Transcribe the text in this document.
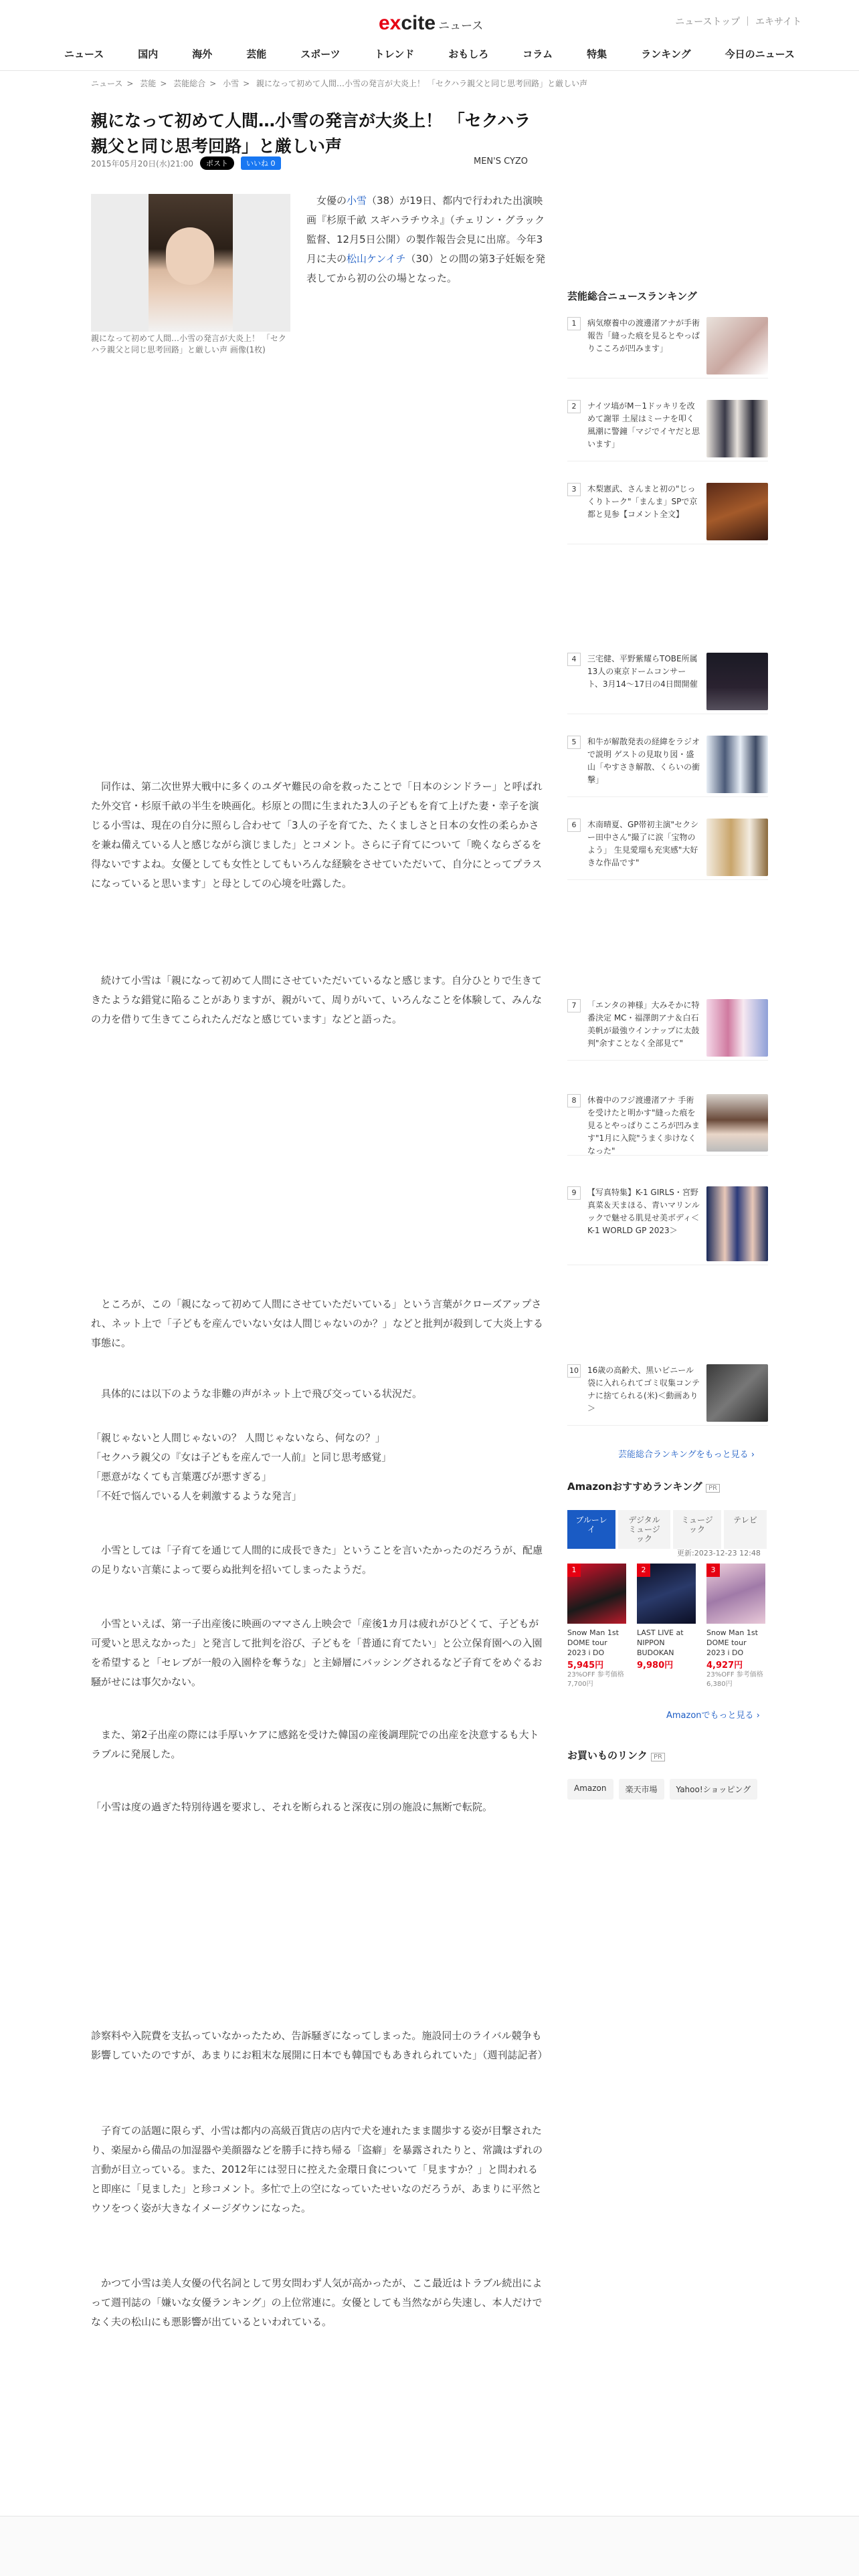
excite ニュース	ニューストップ ｜ エキサイト
ニュース	国内	海外	芸能	スポーツ	トレンド	おもしろ	コラム	特集	ランキング	今日のニュース
ニュース > 芸能 > 芸能総合 > 小雪 > 親になって初めて人間…小雪の発言が大炎上！ 「セクハラ親父と同じ思考回路」と厳しい声
親になって初めて人間…小雪の発言が大炎上！ 「セクハラ親父と同じ思考回路」と厳しい声
2015年05月20日(水)21:00	ポスト	いいね 0	MEN'S CYZO
親になって初めて人間…小雪の発言が大炎上！ 「セクハラ親父と同じ思考回路」と厳しい声 画像(1枚)

　女優の小雪（38）が19日、都内で行われた出演映画『杉原千畝 スギハラチウネ』（チェリン・グラック監督、12月5日公開）の製作報告会見に出席。今年3月に夫の松山ケンイチ（30）との間の第3子妊娠を発表してから初の公の場となった。

　同作は、第二次世界大戦中に多くのユダヤ難民の命を救ったことで「日本のシンドラー」と呼ばれた外交官・杉原千畝の半生を映画化。杉原との間に生まれた3人の子どもを育て上げた妻・幸子を演じる小雪は、現在の自分に照らし合わせて「3人の子を育てた、たくましさと日本の女性の柔らかさを兼ね備えている人と感じながら演じました」とコメント。さらに子育てについて「晩くならざるを得ないですよね。女優としても女性としてもいろんな経験をさせていただいて、自分にとってプラスになっていると思います」と母としての心境を吐露した。

　続けて小雪は「親になって初めて人間にさせていただいているなと感じます。自分ひとりで生きてきたような錯覚に陥ることがありますが、親がいて、周りがいて、いろんなことを体験して、みんなの力を借りて生きてこられたんだなと感じています」などと語った。

　ところが、この「親になって初めて人間にさせていただいている」という言葉がクローズアップされ、ネット上で「子どもを産んでいない女は人間じゃないのか？」などと批判が殺到して大炎上する事態に。

　具体的には以下のような非難の声がネット上で飛び交っている状況だ。

「親じゃないと人間じゃないの？ 人間じゃないなら、何なの？」
「セクハラ親父の『女は子どもを産んで一人前』と同じ思考感覚」
「悪意がなくても言葉選びが悪すぎる」
「不妊で悩んでいる人を刺激するような発言」

　小雪としては「子育てを通じて人間的に成長できた」ということを言いたかったのだろうが、配慮の足りない言葉によって要らぬ批判を招いてしまったようだ。

　小雪といえば、第一子出産後に映画のママさん上映会で「産後1カ月は疲れがひどくて、子どもが可愛いと思えなかった」と発言して批判を浴び、子どもを「普通に育てたい」と公立保育園への入園を希望すると「セレブが一般の入園枠を奪うな」と主婦層にバッシングされるなど子育てをめぐるお騒がせには事欠かない。

　また、第2子出産の際には手厚いケアに感銘を受けた韓国の産後調理院での出産を決意するも大トラブルに発展した。

「小雪は度の過ぎた特別待遇を要求し、それを断られると深夜に別の施設に無断で転院。

診察料や入院費を支払っていなかったため、告訴騒ぎになってしまった。施設同士のライバル競争も影響していたのですが、あまりにお粗末な展開に日本でも韓国でもあきれられていた」（週刊誌記者）

　子育ての話題に限らず、小雪は都内の高級百貨店の店内で犬を連れたまま闊歩する姿が目撃されたり、楽屋から備品の加湿器や美顔器などを勝手に持ち帰る「盗癖」を暴露されたりと、常識はずれの言動が目立っている。また、2012年には翌日に控えた金環日食について「見ますか？」と問われると即座に「見ました」と珍コメント。多忙で上の空になっていたせいなのだろうが、あまりに平然とウソをつく姿が大きなイメージダウンになった。

　かつて小雪は美人女優の代名詞として男女問わず人気が高かったが、ここ最近はトラブル続出によって週刊誌の「嫌いな女優ランキング」の上位常連に。女優としても当然ながら失速し、本人だけでなく夫の松山にも悪影響が出ているといわれている。

芸能総合ニュースランキング
1	病気療養中の渡邊渚アナが手術報告「縫った痕を見るとやっぱりこころが凹みます」
2	ナイツ塙がM－1ドッキリを改めて謝罪 土屋はミーナを叩く風潮に警鐘「マジでイヤだと思います」
3	木梨憲武、さんまと初の"じっくりトーク"「まんま」SPで京都と見参【コメント全文】
4	三宅健、平野紫耀らTOBE所属13人の東京ドームコンサート、3月14～17日の4日間開催
5	和牛が解散発表の経緯をラジオで説明 ゲストの見取り図・盛山「やすさき解散、くらいの衝撃」
6	木南晴夏、GP帯初主演"セクシー田中さん"撮了に涙「宝物のよう」 生見愛瑠も充実感"大好きな作品です"
7	「エンタの神様」大みそかに特番決定 MC・福澤朗アナ＆白石美帆が最強ウインナップに太鼓判"余すことなく全部見て"
8	休養中のフジ渡邊渚アナ 手術を受けたと明かす"縫った痕を見るとやっぱりこころが凹みます"1月に入院"うまく歩けなくなった"
9	【写真特集】K-1 GIRLS・宮野真菜＆天まほる、青いマリンルックで魅せる肌見せ美ボディ＜K-1 WORLD GP 2023＞
10 16歳の高齢犬、黒いビニール袋に入れられてゴミ収集コンテナに捨てられる(米)＜動画あり＞
芸能総合ランキングをもっと見る ›
Amazonおすすめランキング PR
ブルーレイ
デジタルミュージック
ミュージック
テレビ
更新:2023-12-23 12:48
1
Snow Man 1st DOME tour 2023 i DO
5,945円
23%OFF 参考価格 7,700円
2
LAST LIVE at NIPPON BUDOKAN
9,980円
3
Snow Man 1st DOME tour 2023 i DO
4,927円
23%OFF 参考価格 6,380円
Amazonでもっと見る ›
お買いものリンク PR
Amazon	楽天市場	Yahoo!ショッピング
